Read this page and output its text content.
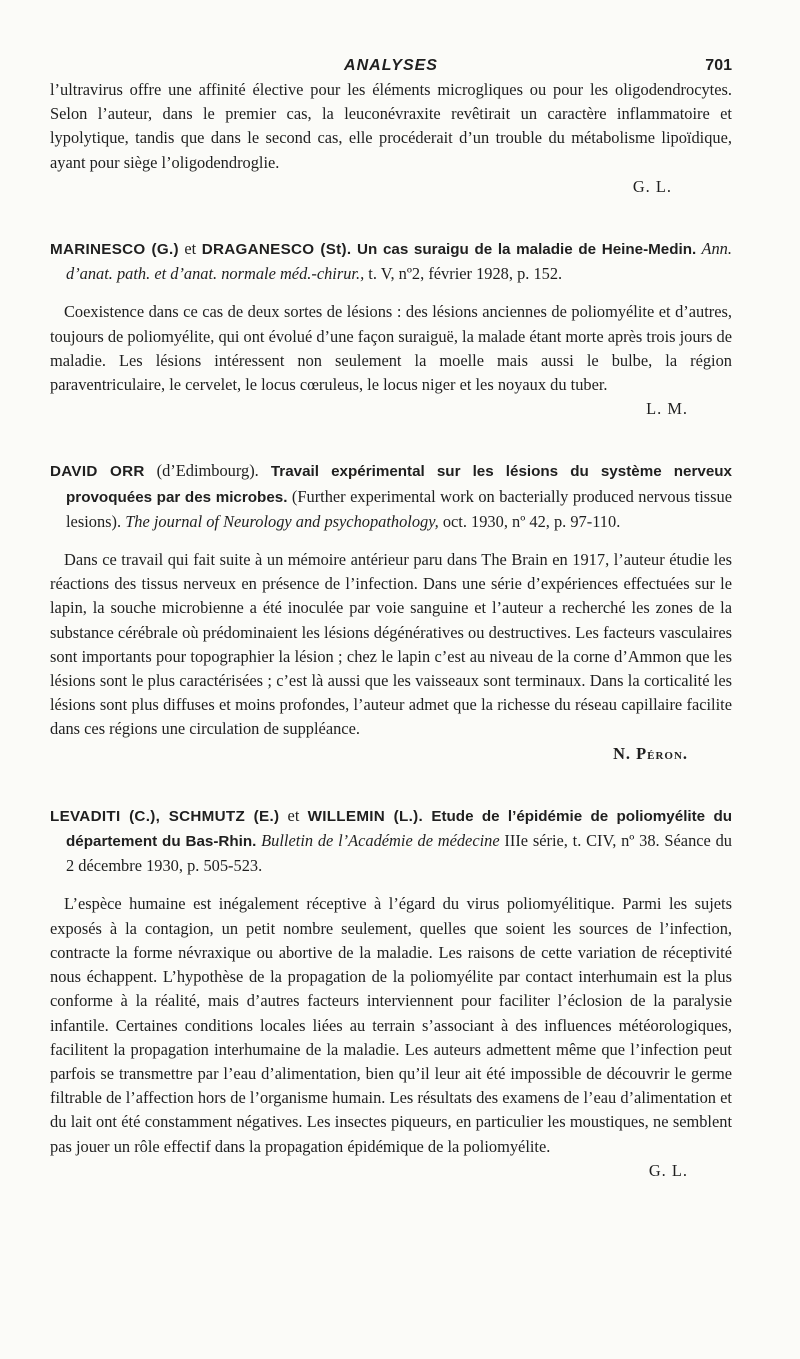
ANALYSES	701

l’ultravirus offre une affinité élective pour les éléments microgliques ou pour les oligodendrocytes. Selon l’auteur, dans le premier cas, la leuconévraxite revêtirait un caractère inflammatoire et lypolytique, tandis que dans le second cas, elle procéderait d’un trouble du métabolisme lipoïdique, ayant pour siège l’oligodendroglie.

G. L.

MARINESCO (G.) et DRAGANESCO (St). Un cas suraigu de la maladie de Heine-Medin. Ann. d’anat. path. et d’anat. normale méd.-chirur., t. V, nº2, février 1928, p. 152.

Coexistence dans ce cas de deux sortes de lésions : des lésions anciennes de poliomyélite et d’autres, toujours de poliomyélite, qui ont évolué d’une façon suraiguë, la malade étant morte après trois jours de maladie. Les lésions intéressent non seulement la moelle mais aussi le bulbe, la région paraventriculaire, le cervelet, le locus cœruleus, le locus niger et les noyaux du tuber.

L. M.

DAVID ORR (d’Edimbourg). Travail expérimental sur les lésions du système nerveux provoquées par des microbes. (Further experimental work on bacterially produced nervous tissue lesions). The journal of Neurology and psychopathology, oct. 1930, nº 42, p. 97-110.

Dans ce travail qui fait suite à un mémoire antérieur paru dans The Brain en 1917, l’auteur étudie les réactions des tissus nerveux en présence de l’infection. Dans une série d’expériences effectuées sur le lapin, la souche microbienne a été inoculée par voie sanguine et l’auteur a recherché les zones de la substance cérébrale où prédominaient les lésions dégénératives ou destructives. Les facteurs vasculaires sont importants pour topographier la lésion ; chez le lapin c’est au niveau de la corne d’Ammon que les lésions sont le plus caractérisées ; c’est là aussi que les vaisseaux sont terminaux. Dans la corticalité les lésions sont plus diffuses et moins profondes, l’auteur admet que la richesse du réseau capillaire facilite dans ces régions une circulation de suppléance.

N. Péron.

LEVADITI (C.), SCHMUTZ (E.) et WILLEMIN (L.). Etude de l’épidémie de poliomyélite du département du Bas-Rhin. Bulletin de l’Académie de médecine IIIe série, t. CIV, nº 38. Séance du 2 décembre 1930, p. 505-523.

L’espèce humaine est inégalement réceptive à l’égard du virus poliomyélitique. Parmi les sujets exposés à la contagion, un petit nombre seulement, quelles que soient les sources de l’infection, contracte la forme névraxique ou abortive de la maladie. Les raisons de cette variation de réceptivité nous échappent. L’hypothèse de la propagation de la poliomyélite par contact interhumain est la plus conforme à la réalité, mais d’autres facteurs interviennent pour faciliter l’éclosion de la paralysie infantile. Certaines conditions locales liées au terrain s’associant à des influences météorologiques, facilitent la propagation interhumaine de la maladie. Les auteurs admettent même que l’infection peut parfois se transmettre par l’eau d’alimentation, bien qu’il leur ait été impossible de découvrir le germe filtrable de l’affection hors de l’organisme humain. Les résultats des examens de l’eau d’alimentation et du lait ont été constamment négatives. Les insectes piqueurs, en particulier les moustiques, ne semblent pas jouer un rôle effectif dans la propagation épidémique de la poliomyélite.

G. L.
